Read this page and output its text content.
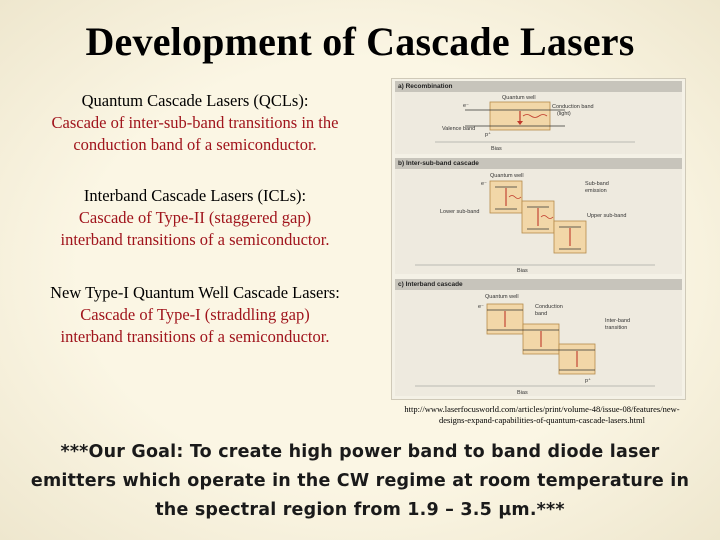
Development of Cascade Lasers
Quantum Cascade Lasers (QCLs):
Cascade of inter-sub-band transitions in the
conduction band of a semiconductor.
Interband Cascade Lasers (ICLs):
Cascade of Type-II (staggered gap)
interband transitions of a semiconductor.
New Type-I Quantum Well Cascade Lasers:
Cascade of Type-I (straddling gap)
interband transitions of a semiconductor.
a) Recombination
Quantum well
Conduction band
(light)
Valence band
e⁻
p⁺
Bias
b) Inter-sub-band cascade
Quantum well
Sub-band
emission
Lower sub-band
Upper sub-band
e⁻
Bias
c) Interband cascade
Quantum well
Conduction
band
Inter-band
transition
e⁻
p⁺
Bias
http://www.laserfocusworld.com/articles/print/volume-48/issue-08/features/new-
designs-expand-capabilities-of-quantum-cascade-lasers.html
***Our Goal: To create high power band to band diode laser
emitters which operate in the CW regime at room temperature in
the spectral region from 1.9 – 3.5 µm.***
